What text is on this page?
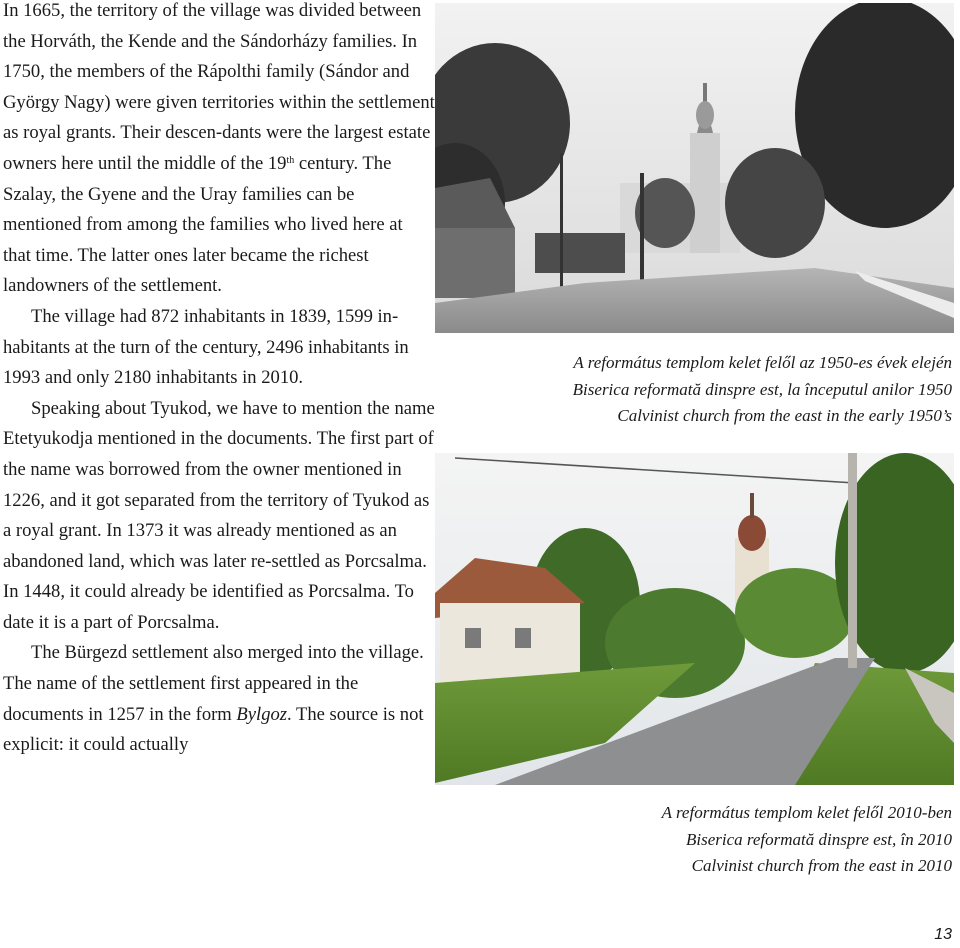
In 1665, the territory of the village was divided between the Horváth, the Kende and the Sándorházy families. In 1750, the members of the Rápolthi family (Sándor and György Nagy) were given territories within the settlement as royal grants. Their descen-dants were the largest estate owners here until the middle of the 19th century. The Szalay, the Gyene and the Uray families can be mentioned from among the families who lived here at that time. The latter ones later became the richest landowners of the settlement.

The village had 872 inhabitants in 1839, 1599 in-habitants at the turn of the century, 2496 inhabitants in 1993 and only 2180 inhabitants in 2010.

Speaking about Tyukod, we have to mention the name Etetyukodja mentioned in the documents. The first part of the name was borrowed from the owner mentioned in 1226, and it got separated from the territory of Tyukod as a royal grant. In 1373 it was already mentioned as an abandoned land, which was later re-settled as Porcsalma. In 1448, it could already be identified as Porcsalma. To date it is a part of Porcsalma.

The Bürgezd settlement also merged into the village. The name of the settlement first appeared in the documents in 1257 in the form Bylgoz. The source is not explicit: it could actually

A református templom kelet felől az 1950-es évek elején
Biserica reformată dinspre est, la începutul anilor 1950
Calvinist church from the east in the early 1950’s
A református templom kelet felől 2010-ben
Biserica reformată dinspre est, în 2010
Calvinist church from the east in 2010
13
